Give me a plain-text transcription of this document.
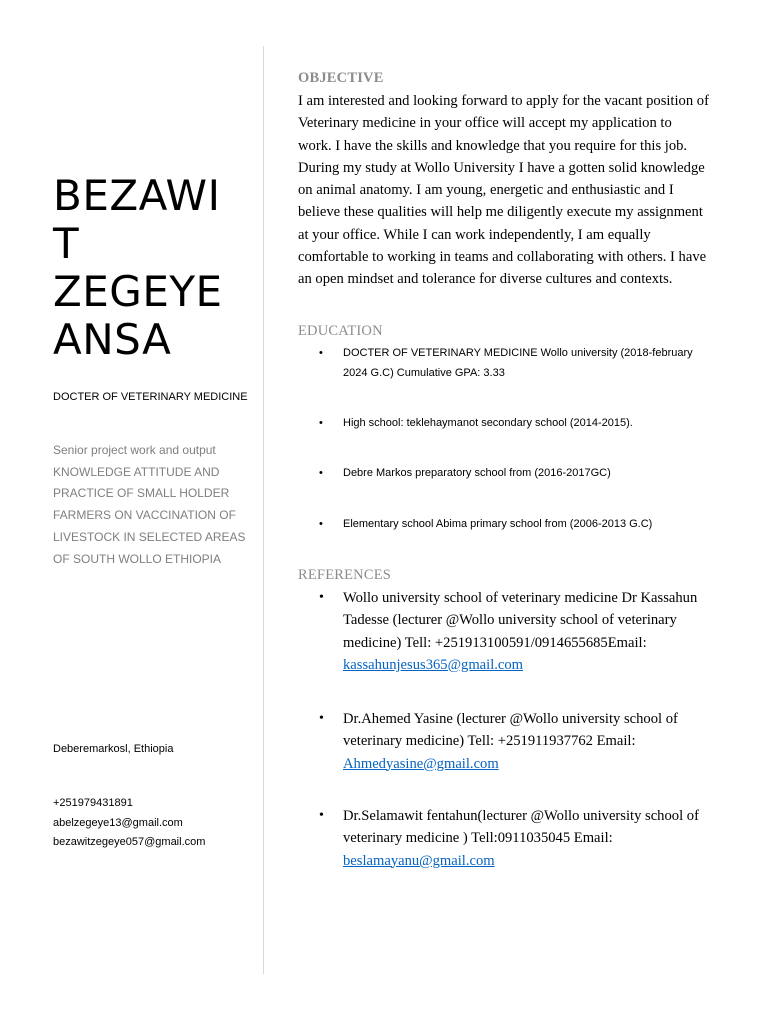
BEZAWI
T
ZEGEYE
ANSA
DOCTER OF VETERINARY MEDICINE
Senior project work and output
KNOWLEDGE ATTITUDE AND
PRACTICE OF SMALL HOLDER
FARMERS ON VACCINATION OF
LIVESTOCK IN SELECTED AREAS
OF SOUTH WOLLO ETHIOPIA
Deberemarkosl, Ethiopia
+251979431891
abelzegeye13@gmail.com
bezawitzegeye057@gmail.com
OBJECTIVE
I am interested and looking forward to apply for the vacant position of
Veterinary medicine in your office will accept my application to
work. I have the skills and knowledge that you require for this job.
During my study at Wollo University I have a gotten solid knowledge
on animal anatomy. I am young, energetic and enthusiastic and I
believe these qualities will help me diligently execute my assignment
at your office. While I can work independently, I am equally
comfortable to working in teams and collaborating with others. I have
an open mindset and tolerance for diverse cultures and contexts.
EDUCATION
• DOCTER OF VETERINARY MEDICINE Wollo university (2018-february
2024 G.C) Cumulative GPA: 3.33
• High school: teklehaymanot secondary school (2014-2015).
• Debre Markos preparatory school from (2016-2017GC)
• Elementary school Abima primary school from (2006-2013 G.C)
REFERENCES
• Wollo university school of veterinary medicine Dr Kassahun
Tadesse (lecturer @Wollo university school of veterinary
medicine) Tell: +251913100591/0914655685Email:
kassahunjesus365@gmail.com
• Dr.Ahemed Yasine (lecturer @Wollo university school of
veterinary medicine) Tell: +251911937762 Email:
Ahmedyasine@gmail.com
• Dr.Selamawit fentahun(lecturer @Wollo university school of
veterinary medicine ) Tell:0911035045 Email:
beslamayanu@gmail.com
